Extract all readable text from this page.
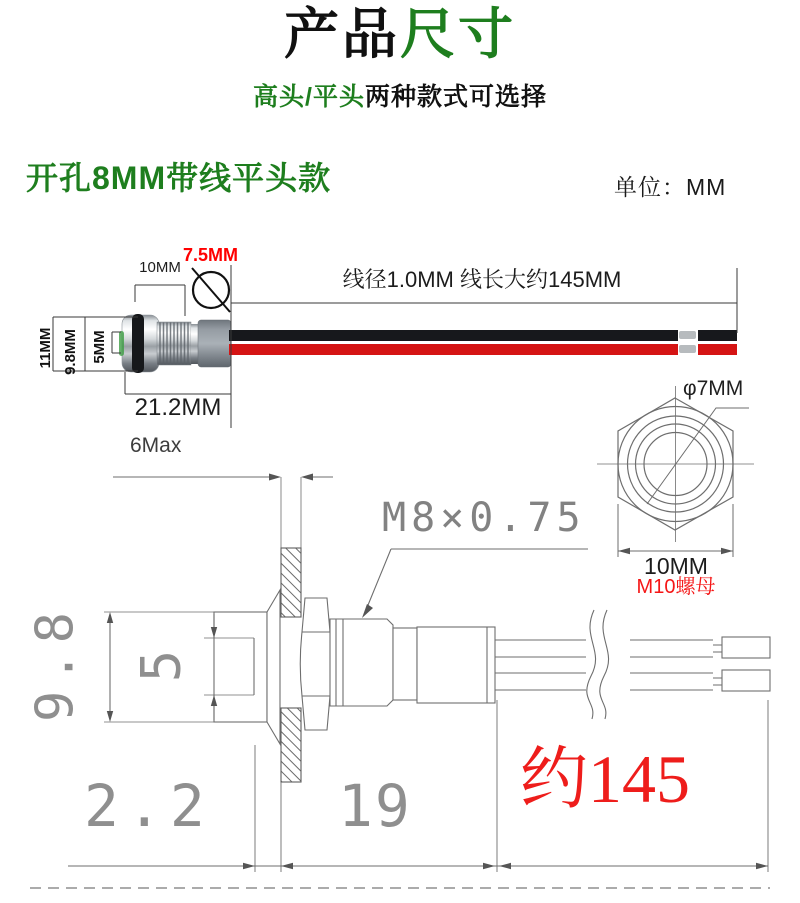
产品尺寸
高头/平头两种款式可选择
开孔8MM带线平头款	单位：MM
10MM
7.5MM
11MM 9.8MM 5MM
线径1.0MM 线长大约145MM
21.2MM
6Max
M8×0.75
φ7MM
10MM
M10螺母
9.8 5
2.2 19 约145
